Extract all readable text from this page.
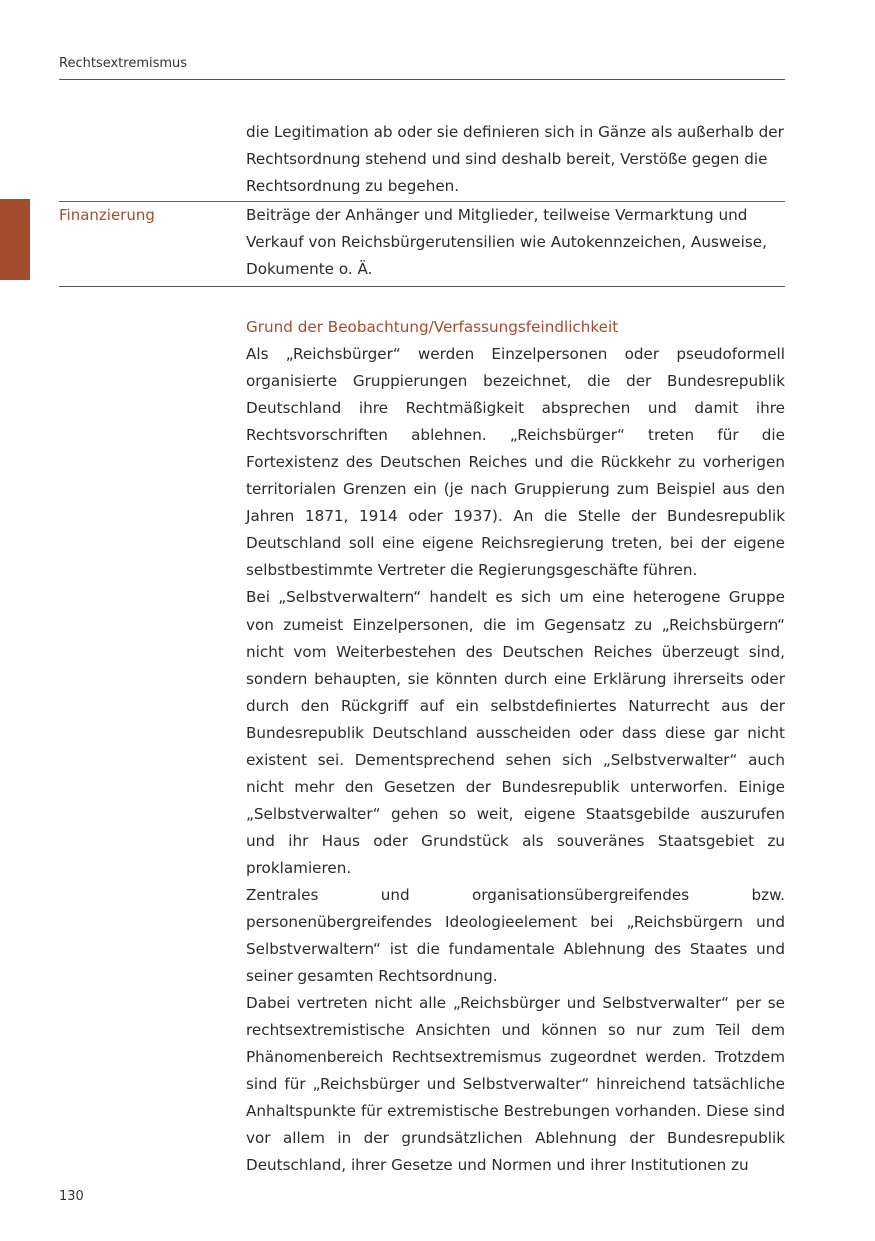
Rechtsextremismus
die Legitimation ab oder sie definieren sich in Gänze als außerhalb der Rechtsordnung stehend und sind deshalb bereit, Verstöße gegen die Rechtsordnung zu begehen.
Finanzierung	Beiträge der Anhänger und Mitglieder, teilweise Vermarktung und Verkauf von Reichsbürgerutensilien wie Autokennzeichen, Ausweise, Dokumente o. Ä.
Grund der Beobachtung/Verfassungsfeindlichkeit

Als „Reichsbürger“ werden Einzelpersonen oder pseudoformell organisierte Gruppierungen bezeichnet, die der Bundesrepublik Deutschland ihre Rechtmäßigkeit absprechen und damit ihre Rechtsvorschriften ablehnen. „Reichsbürger“ treten für die Fortexistenz des Deutschen Reiches und die Rückkehr zu vorherigen territorialen Grenzen ein (je nach Gruppierung zum Beispiel aus den Jahren 1871, 1914 oder 1937). An die Stelle der Bundesrepublik Deutschland soll eine eigene Reichsregierung treten, bei der eigene selbstbestimmte Vertreter die Regierungsgeschäfte führen.

Bei „Selbstverwaltern“ handelt es sich um eine heterogene Gruppe von zumeist Einzelpersonen, die im Gegensatz zu „Reichsbürgern“ nicht vom Weiterbestehen des Deutschen Reiches überzeugt sind, sondern behaupten, sie könnten durch eine Erklärung ihrerseits oder durch den Rückgriff auf ein selbstdefiniertes Naturrecht aus der Bundesrepublik Deutschland ausscheiden oder dass diese gar nicht existent sei. Dementsprechend sehen sich „Selbstverwalter“ auch nicht mehr den Gesetzen der Bundesrepublik unterworfen. Einige „Selbstverwalter“ gehen so weit, eigene Staatsgebilde auszurufen und ihr Haus oder Grundstück als souveränes Staatsgebiet zu proklamieren.

Zentrales und organisationsübergreifendes bzw. personenübergreifendes Ideologieelement bei „Reichsbürgern und Selbstverwaltern“ ist die fundamentale Ablehnung des Staates und seiner gesamten Rechtsordnung.

Dabei vertreten nicht alle „Reichsbürger und Selbstverwalter“ per se rechtsextremistische Ansichten und können so nur zum Teil dem Phänomenbereich Rechtsextremismus zugeordnet werden. Trotzdem sind für „Reichsbürger und Selbstverwalter“ hinreichend tatsächliche Anhaltspunkte für extremistische Bestrebungen vorhanden. Diese sind vor allem in der grundsätzlichen Ablehnung der Bundesrepublik Deutschland, ihrer Gesetze und Normen und ihrer Institutionen zu

130
